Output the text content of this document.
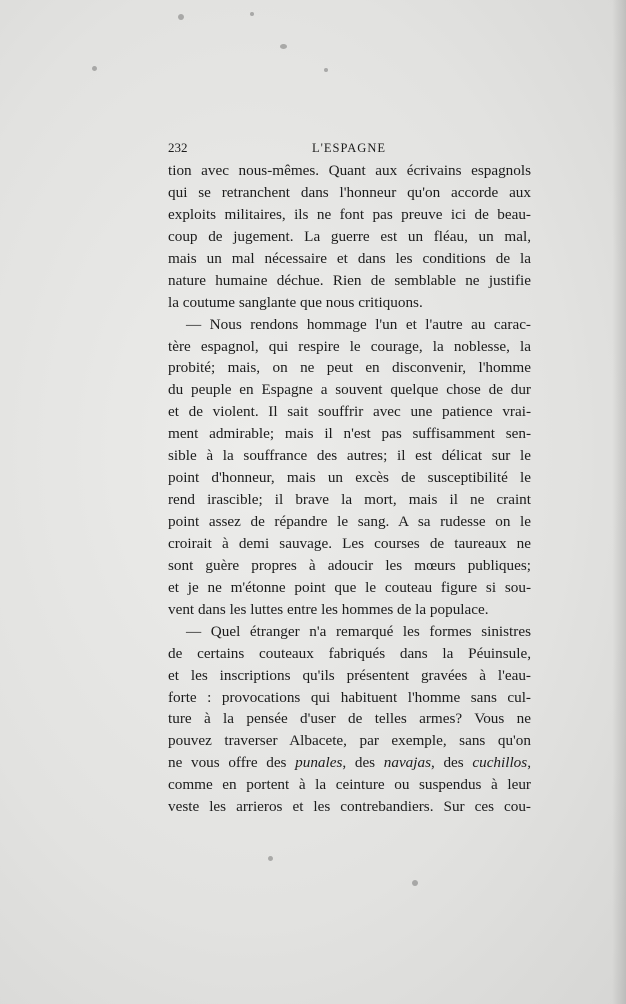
232	L'ESPAGNE
tion avec nous-mêmes. Quant aux écrivains espagnols
qui se retranchent dans l'honneur qu'on accorde aux
exploits militaires, ils ne font pas preuve ici de beau-
coup de jugement. La guerre est un fléau, un mal,
mais un mal nécessaire et dans les conditions de la
nature humaine déchue. Rien de semblable ne justifie
la coutume sanglante que nous critiquons.
— Nous rendons hommage l'un et l'autre au carac-
tère espagnol, qui respire le courage, la noblesse, la
probité; mais, on ne peut en disconvenir, l'homme
du peuple en Espagne a souvent quelque chose de dur
et de violent. Il sait souffrir avec une patience vrai-
ment admirable; mais il n'est pas suffisamment sen-
sible à la souffrance des autres; il est délicat sur le
point d'honneur, mais un excès de susceptibilité le
rend irascible; il brave la mort, mais il ne craint
point assez de répandre le sang. A sa rudesse on le
croirait à demi sauvage. Les courses de taureaux ne
sont guère propres à adoucir les mœurs publiques;
et je ne m'étonne point que le couteau figure si sou-
vent dans les luttes entre les hommes de la populace.
— Quel étranger n'a remarqué les formes sinistres
de certains couteaux fabriqués dans la Péuinsule,
et les inscriptions qu'ils présentent gravées à l'eau-
forte : provocations qui habituent l'homme sans cul-
ture à la pensée d'user de telles armes? Vous ne
pouvez traverser Albacete, par exemple, sans qu'on
ne vous offre des punales, des navajas, des cuchillos,
comme en portent à la ceinture ou suspendus à leur
veste les arrieros et les contrebandiers. Sur ces cou-
